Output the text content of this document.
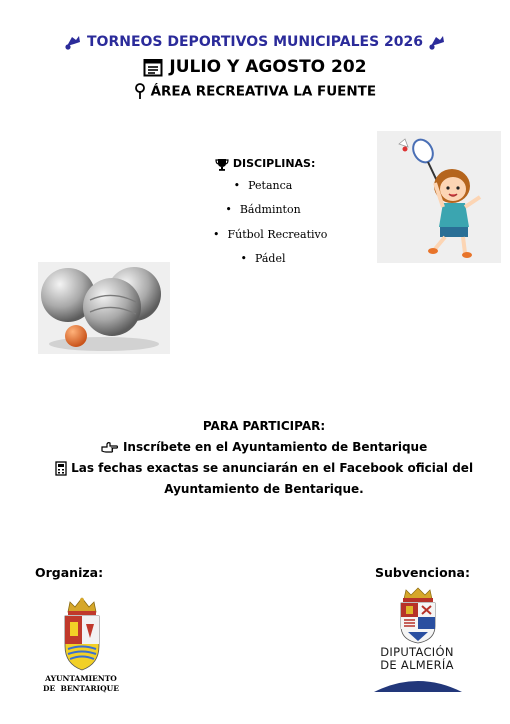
TORNEOS DEPORTIVOS MUNICIPALES 2026
JULIO Y AGOSTO 202
ÁREA RECREATIVA LA FUENTE
DISCIPLINAS:
• Petanca
• Bádminton
• Fútbol Recreativo
• Pádel
PARA PARTICIPAR:
Inscríbete en el Ayuntamiento de Bentarique
Las fechas exactas se anunciarán en el Facebook oficial del
Ayuntamiento de Bentarique.
Organiza:	Subvenciona:
AYUNTAMIENTO
DE  BENTARIQUE
DIPUTACIÓN
DE ALMERÍA
